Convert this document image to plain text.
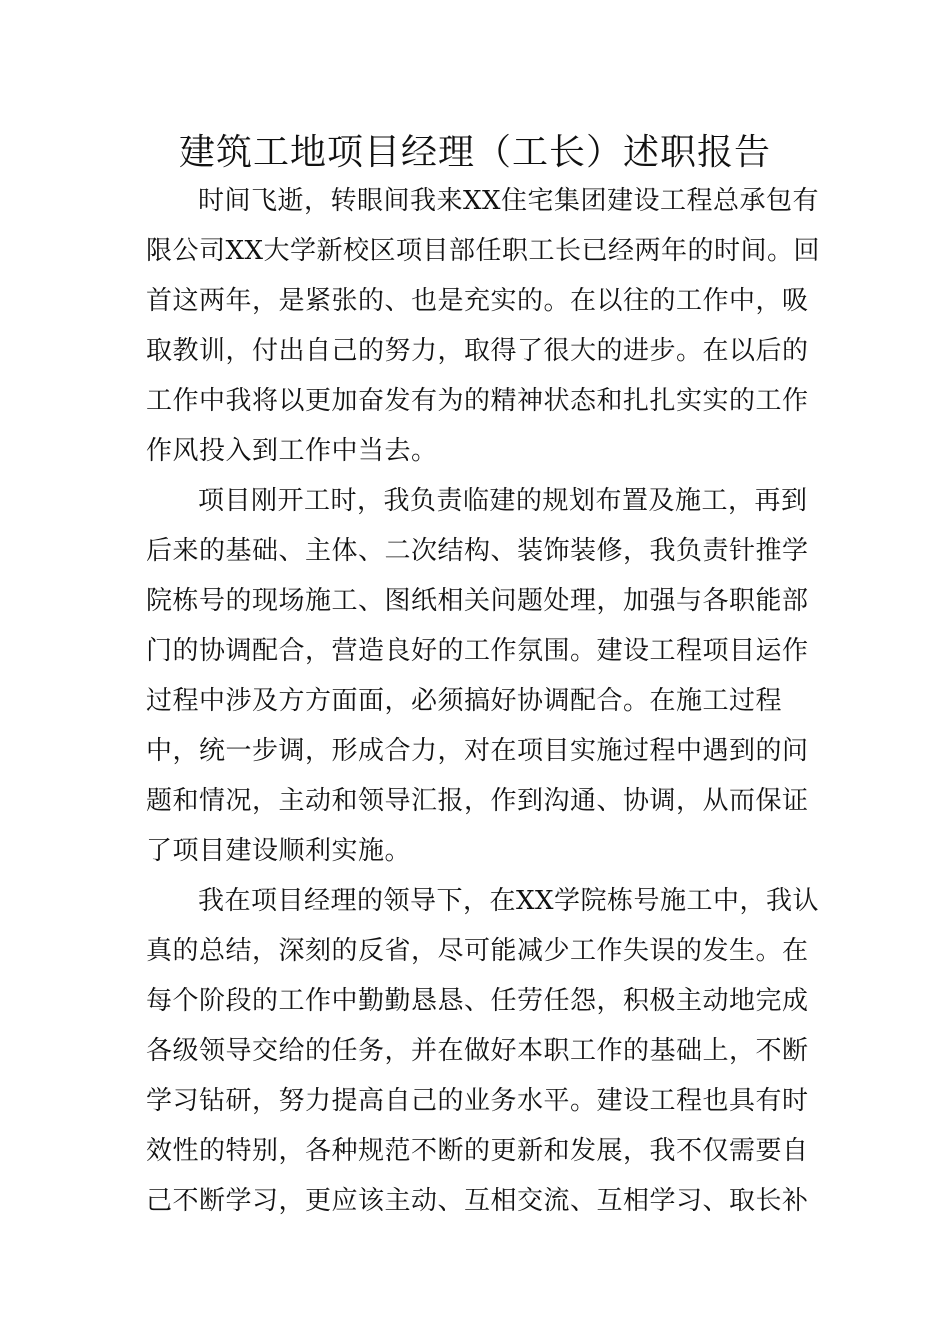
建筑工地项目经理（工长）述职报告
时间飞逝，转眼间我来XX住宅集团建设工程总承包有
限公司XX大学新校区项目部任职工长已经两年的时间。回
首这两年，是紧张的、也是充实的。在以往的工作中，吸
取教训，付出自己的努力，取得了很大的进步。在以后的
工作中我将以更加奋发有为的精神状态和扎扎实实的工作
作风投入到工作中当去。
项目刚开工时，我负责临建的规划布置及施工，再到
后来的基础、主体、二次结构、装饰装修，我负责针推学
院栋号的现场施工、图纸相关问题处理，加强与各职能部
门的协调配合，营造良好的工作氛围。建设工程项目运作
过程中涉及方方面面，必须搞好协调配合。在施工过程
中，统一步调，形成合力，对在项目实施过程中遇到的问
题和情况，主动和领导汇报，作到沟通、协调，从而保证
了项目建设顺利实施。
我在项目经理的领导下，在XX学院栋号施工中，我认
真的总结，深刻的反省，尽可能减少工作失误的发生。在
每个阶段的工作中勤勤恳恳、任劳任怨，积极主动地完成
各级领导交给的任务，并在做好本职工作的基础上，不断
学习钻研，努力提高自己的业务水平。建设工程也具有时
效性的特别，各种规范不断的更新和发展，我不仅需要自
己不断学习，更应该主动、互相交流、互相学习、取长补
